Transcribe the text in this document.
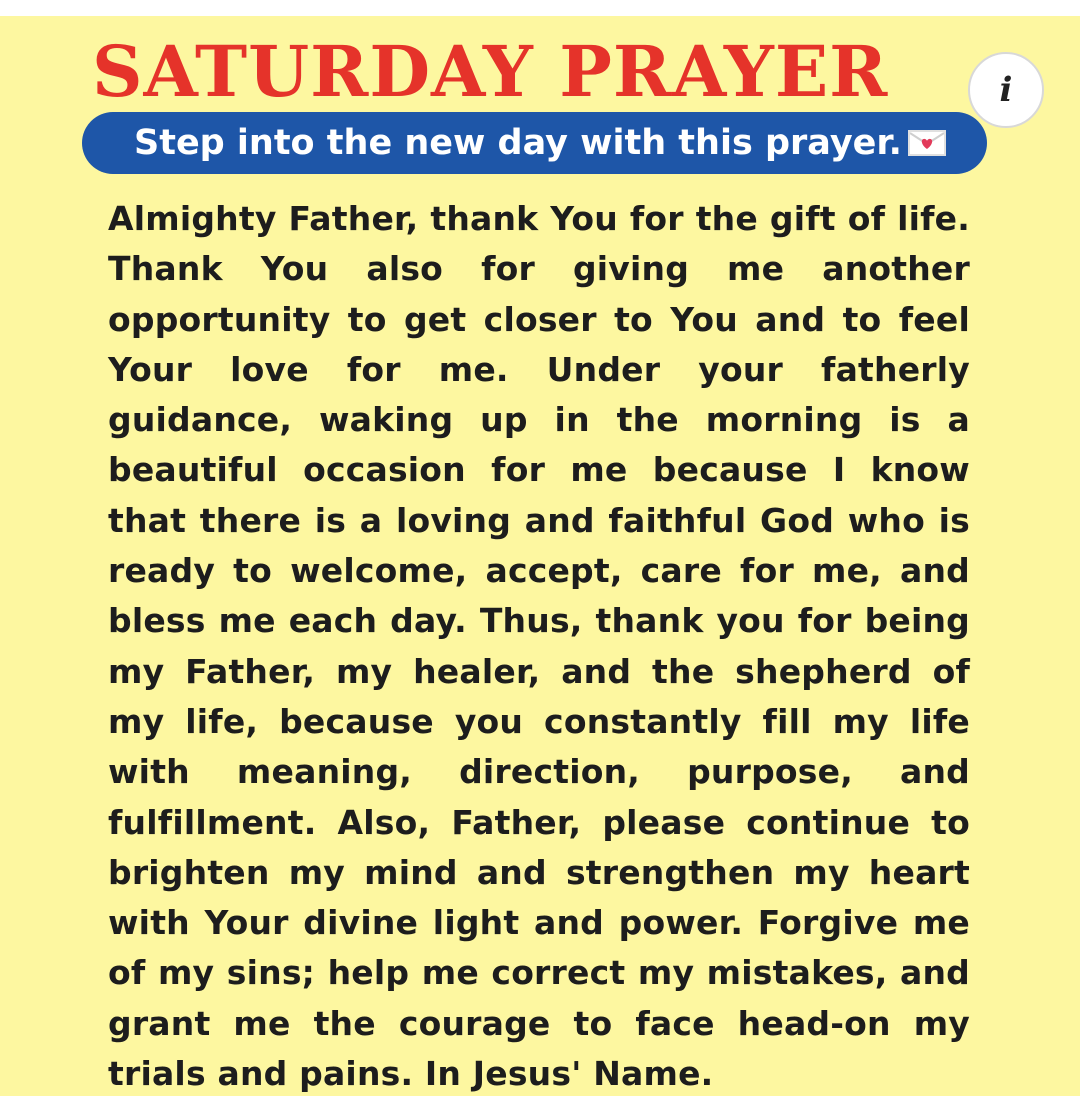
SATURDAY PRAYER
Step into the new day with this prayer.

Almighty Father, thank You for the gift of life. Thank You also for giving me another opportunity to get closer to You and to feel Your love for me. Under your fatherly guidance, waking up in the morning is a beautiful occasion for me because I know that there is a loving and faithful God who is ready to welcome, accept, care for me, and bless me each day. Thus, thank you for being my Father, my healer, and the shepherd of my life, because you constantly fill my life with meaning, direction, purpose, and fulfillment. Also, Father, please continue to brighten my mind and strengthen my heart with Your divine light and power. Forgive me of my sins; help me correct my mistakes, and grant me the courage to face head-on my trials and pains. In Jesus' Name.

i
